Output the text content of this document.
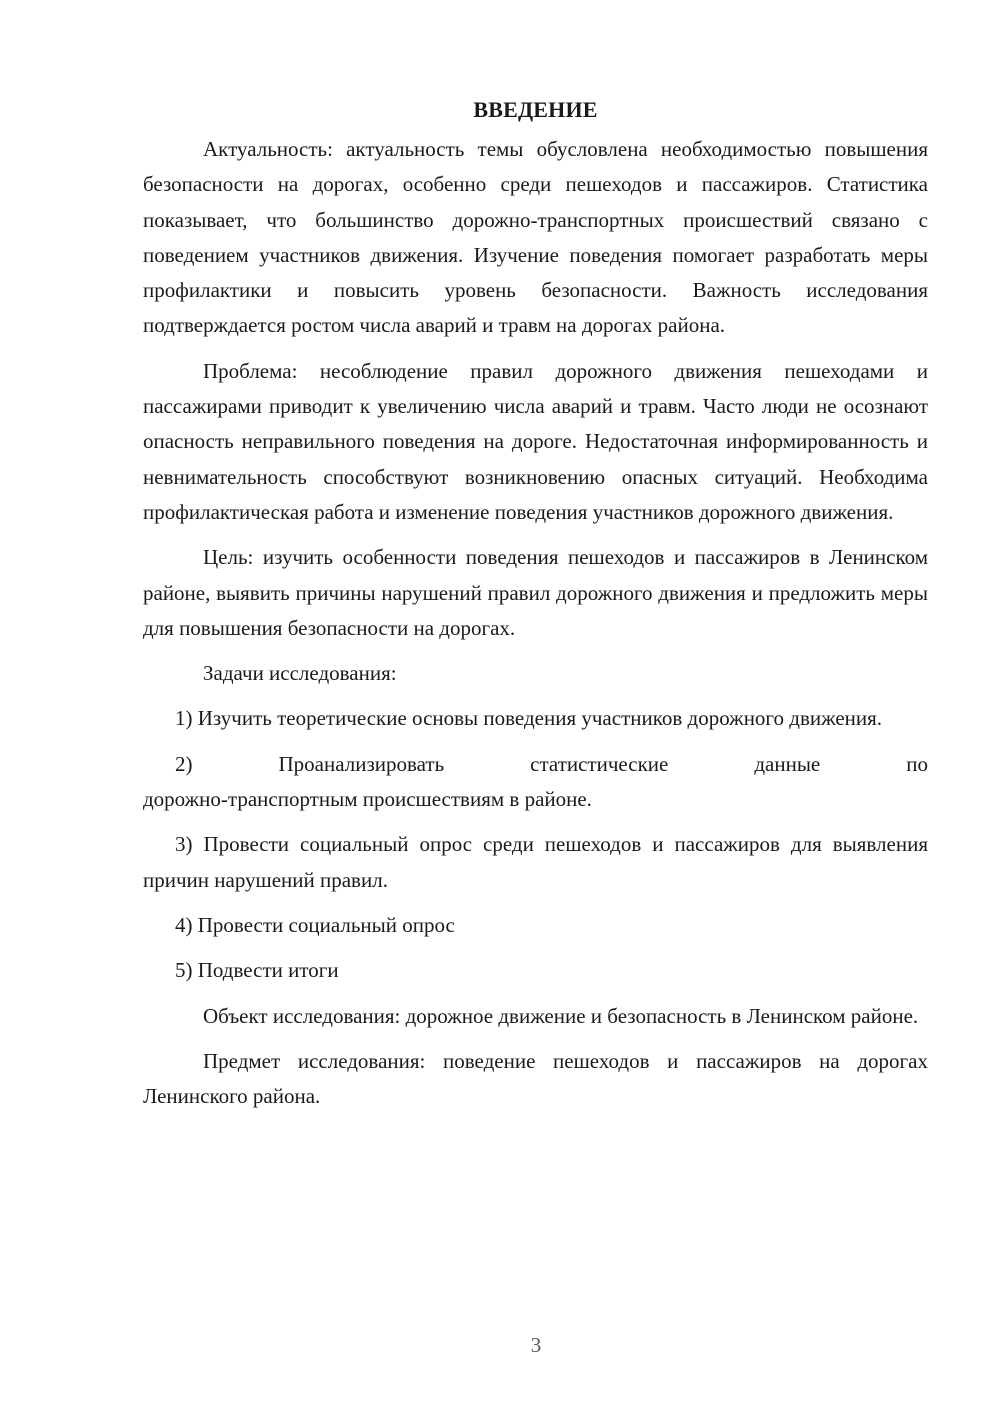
ВВЕДЕНИЕ

Актуальность: актуальность темы обусловлена необходимостью повышения безопасности на дорогах, особенно среди пешеходов и пассажиров. Статистика показывает, что большинство дорожно-транспортных происшествий связано с поведением участников движения. Изучение поведения помогает разработать меры профилактики и повысить уровень безопасности. Важность исследования подтверждается ростом числа аварий и травм на дорогах района.

Проблема: несоблюдение правил дорожного движения пешеходами и пассажирами приводит к увеличению числа аварий и травм. Часто люди не осознают опасность неправильного поведения на дороге. Недостаточная информированность и невнимательность способствуют возникновению опасных ситуаций. Необходима профилактическая работа и изменение поведения участников дорожного движения.

Цель: изучить особенности поведения пешеходов и пассажиров в Ленинском районе, выявить причины нарушений правил дорожного движения и предложить меры для повышения безопасности на дорогах.

Задачи исследования:

1) Изучить теоретические основы поведения участников дорожного движения.

2) Проанализировать статистические данные по
дорожно-транспортным происшествиям в районе.

3) Провести социальный опрос среди пешеходов и пассажиров для выявления причин нарушений правил.

4) Провести социальный опрос

5) Подвести итоги

Объект исследования: дорожное движение и безопасность в Ленинском районе.

Предмет исследования: поведение пешеходов и пассажиров на дорогах Ленинского района.

3
